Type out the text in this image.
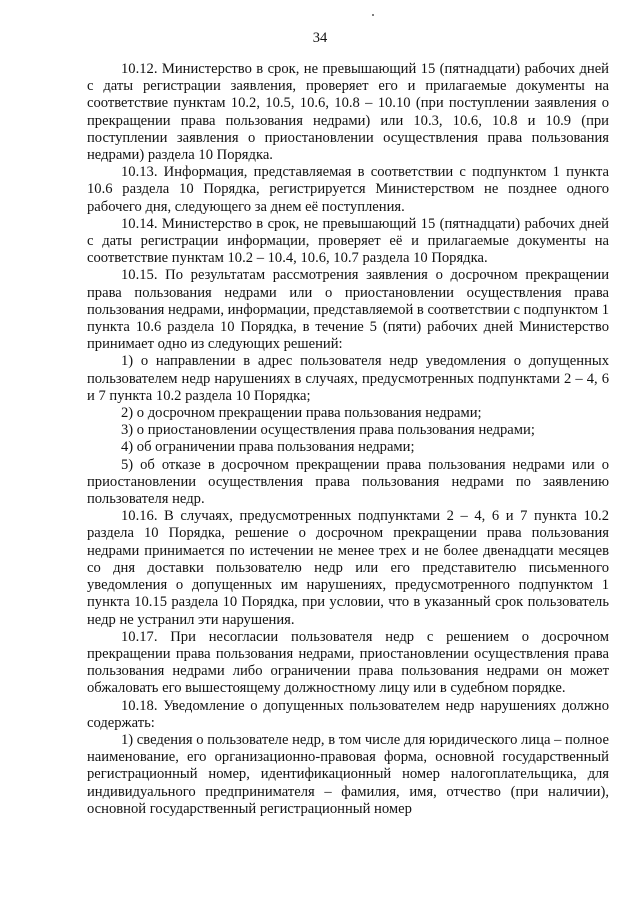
34

10.12. Министерство в срок, не превышающий 15 (пятнадцати) рабочих дней с даты регистрации заявления, проверяет его и прилагаемые документы на соответствие пунктам 10.2, 10.5, 10.6, 10.8 – 10.10 (при поступлении заявления о прекращении права пользования недрами) или 10.3, 10.6, 10.8 и 10.9 (при поступлении заявления о приостановлении осуществления права пользования недрами) раздела 10 Порядка.

10.13. Информация, представляемая в соответствии с подпунктом 1 пункта 10.6 раздела 10 Порядка, регистрируется Министерством не позднее одного рабочего дня, следующего за днем её поступления.

10.14. Министерство в срок, не превышающий 15 (пятнадцати) рабочих дней с даты регистрации информации, проверяет её и прилагаемые документы на соответствие пунктам 10.2 – 10.4, 10.6, 10.7 раздела 10 Порядка.

10.15. По результатам рассмотрения заявления о досрочном прекращении права пользования недрами или о приостановлении осуществления права пользования недрами, информации, представляемой в соответствии с подпунктом 1 пункта 10.6 раздела 10 Порядка, в течение 5 (пяти) рабочих дней Министерство принимает одно из следующих решений:

1) о направлении в адрес пользователя недр уведомления о допущенных пользователем недр нарушениях в случаях, предусмотренных подпунктами 2 – 4, 6 и 7 пункта 10.2 раздела 10 Порядка;

2) о досрочном прекращении права пользования недрами;

3) о приостановлении осуществления права пользования недрами;

4) об ограничении права пользования недрами;

5) об отказе в досрочном прекращении права пользования недрами или о приостановлении осуществления права пользования недрами по заявлению пользователя недр.

10.16. В случаях, предусмотренных подпунктами 2 – 4, 6 и 7 пункта 10.2 раздела 10 Порядка, решение о досрочном прекращении права пользования недрами принимается по истечении не менее трех и не более двенадцати месяцев со дня доставки пользователю недр или его представителю письменного уведомления о допущенных им нарушениях, предусмотренного подпунктом 1 пункта 10.15 раздела 10 Порядка, при условии, что в указанный срок пользователь недр не устранил эти нарушения.

10.17. При несогласии пользователя недр с решением о досрочном прекращении права пользования недрами, приостановлении осуществления права пользования недрами либо ограничении права пользования недрами он может обжаловать его вышестоящему должностному лицу или в судебном порядке.

10.18. Уведомление о допущенных пользователем недр нарушениях должно содержать:

1) сведения о пользователе недр, в том числе для юридического лица – полное наименование, его организационно-правовая форма, основной государственный регистрационный номер, идентификационный номер налогоплательщика, для индивидуального предпринимателя – фамилия, имя, отчество (при наличии), основной государственный регистрационный номер
